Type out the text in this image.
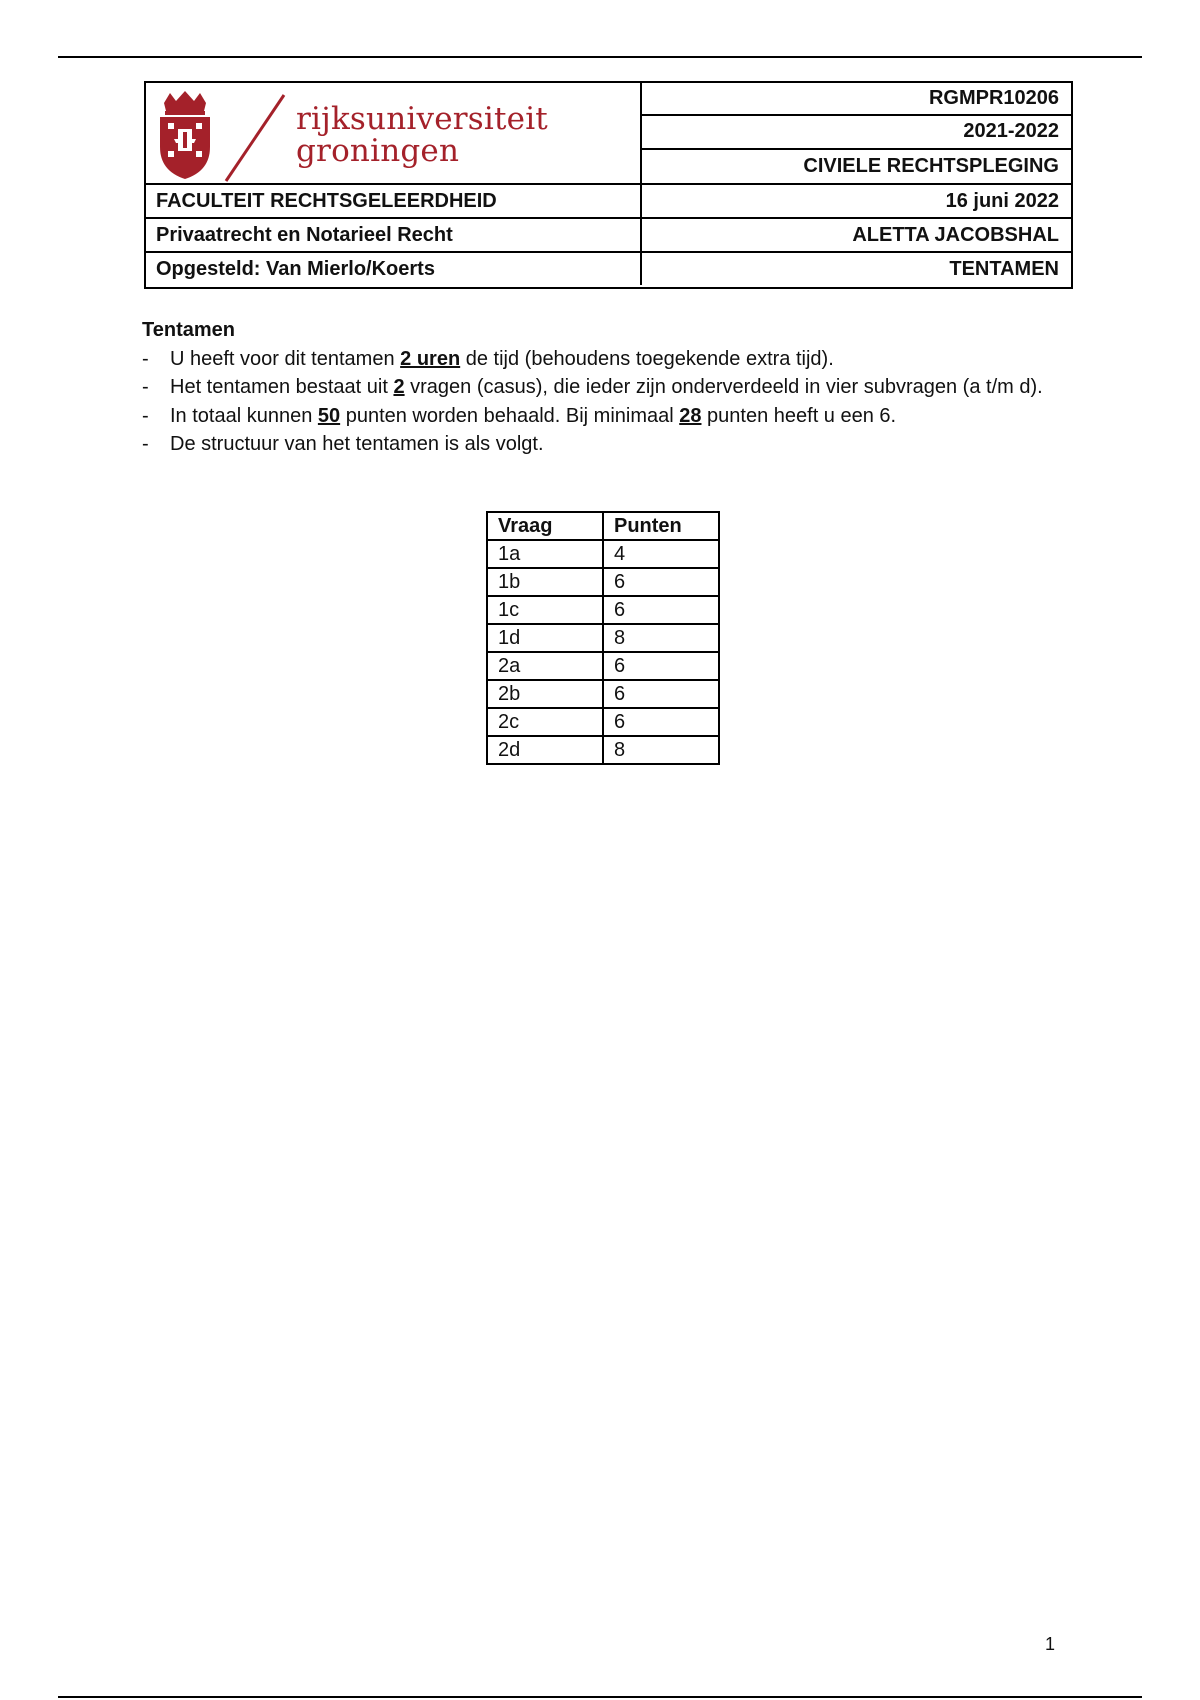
rijksuniversiteit
groningen
RGMPR10206
2021-2022
CIVIELE RECHTSPLEGING
FACULTEIT RECHTSGELEERDHEID	16 juni 2022
Privaatrecht en Notarieel Recht	ALETTA JACOBSHAL
Opgesteld: Van Mierlo/Koerts	TENTAMEN
Tentamen
- U heeft voor dit tentamen 2 uren de tijd (behoudens toegekende extra tijd).
- Het tentamen bestaat uit 2 vragen (casus), die ieder zijn onderverdeeld in vier subvragen (a t/m d).
- In totaal kunnen 50 punten worden behaald. Bij minimaal 28 punten heeft u een 6.
- De structuur van het tentamen is als volgt.
Vraag	Punten
1a	4
1b	6
1c	6
1d	8
2a	6
2b	6
2c	6
2d	8
1
